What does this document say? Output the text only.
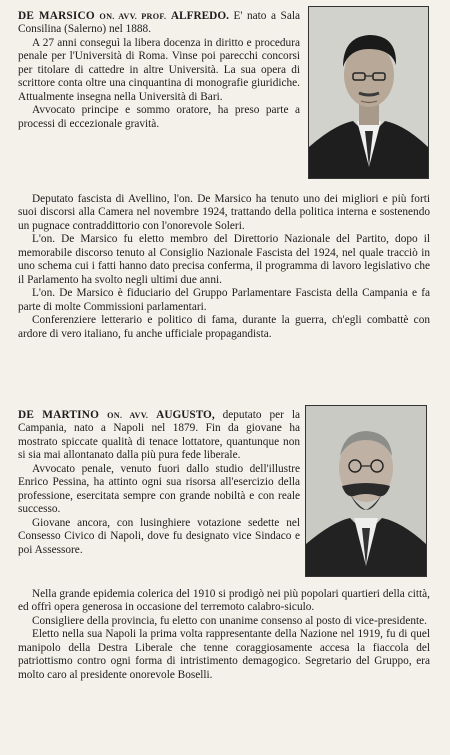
DE MARSICO ON. AVV. PROF. ALFREDO. E' nato a Sala Consilina (Salerno) nel 1888.

A 27 anni conseguì la libera docenza in diritto e procedura penale per l'Università di Roma. Vinse poi parecchi concorsi per titolare di cattedre in altre Università. La sua opera di scrittore conta oltre una cinquantina di monografie giuridiche. Attualmente insegna nella Università di Bari.

Avvocato principe e sommo oratore, ha preso parte a processi di eccezionale gravità.

Deputato fascista di Avellino, l'on. De Marsico ha tenuto uno dei migliori e più forti suoi discorsi alla Camera nel novembre 1924, trattando della politica interna e sostenendo un pugnace contraddittorio con l'onorevole Soleri.

L'on. De Marsico fu eletto membro del Direttorio Nazionale del Partito, dopo il memorabile discorso tenuto al Consiglio Nazionale Fascista del 1924, nel quale tracciò in uno schema cui i fatti hanno dato precisa conferma, il programma di lavoro legislativo che il Parlamento ha svolto negli ultimi due anni.

L'on. De Marsico è fiduciario del Gruppo Parlamentare Fascista della Campania e fa parte di molte Commissioni parlamentari.

Conferenziere letterario e politico di fama, durante la guerra, ch'egli combattè con ardore di vero italiano, fu anche ufficiale propagandista.

DE MARTINO ON. AVV. AUGUSTO, deputato per la Campania, nato a Napoli nel 1879. Fin da giovane ha mostrato spiccate qualità di tenace lottatore, quantunque non si sia mai allontanato dalla più pura fede liberale.

Avvocato penale, venuto fuori dallo studio dell'illustre Enrico Pessina, ha attinto ogni sua risorsa all'esercizio della professione, esercitata sempre con grande nobiltà e con reale successo.

Giovane ancora, con lusinghiere votazione sedette nel Consesso Civico di Napoli, dove fu designato vice Sindaco e poi Assessore.

Nella grande epidemia colerica del 1910 si prodigò nei più popolari quartieri della città, ed offrì opera generosa in occasione del terremoto calabro-siculo.

Consigliere della provincia, fu eletto con unanime consenso al posto di vice-presidente.

Eletto nella sua Napoli la prima volta rappresentante della Nazione nel 1919, fu di quel manipolo della Destra Liberale che tenne coraggiosamente accesa la fiaccola del patriottismo contro ogni forma di intristimento demagogico. Segretario del Gruppo, era molto caro al presidente onorevole Boselli.
